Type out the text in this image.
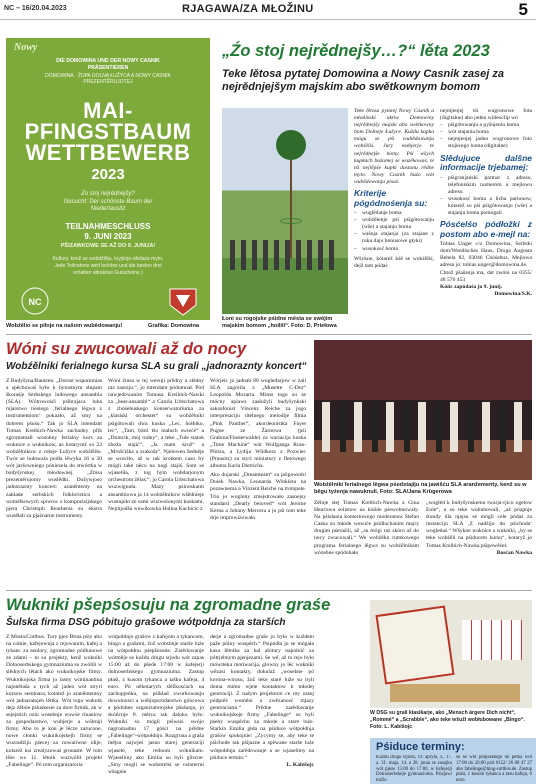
NC – 16/20.04.2023	RJAGAWA/ZA MŁOŽINU	5
Nowy
DIE DOMOWINA UND DER NOWY CASNIK PRÄSENTIEREN
DOMOWINA · ŽUPA DOLNA ŁUŽYCA A NOWY CASNIK PREZENTĚRUJOTEJ
MAI-
PFINGSTBAUM
WETTBEWERB
2023
Zo stoj nejrědnejšy?
Gesucht: Der schönste Baum der Niederlausitz
TEILNAHMESCHLUSS
9. JUNI 2023
PŠIZAWKOWE SE AŽ DO 9. JUNIJA!
Kultury, kenž se wobdźělju, kryjśnje nikdaże myto,
Jede Teilnahme wird belohnt und die besten drei
erhalten attraktive Gutscheine.)
NC
Wobźělio se pilnje na našom wubědowanju!	Grafika: Domowina
„Źo stoj nejrědnejšy…?“ lěta 2023
Teke lětosa pytatej Domowina a Nowy Casnik zasej za nejrědnjejšym majskim abo swětkownym bomom
Łoni su rogojske pśidne města se swójim majskim bomom „hoilili“. Foto: D. Priełowa
Teke lětosa pytatej Nowy Casnik a młodinski aktiw Domowiny nejrědnejšy majski abo swětkowny bom Dolneje Łužyce. Kuždu kupka mógu se pśi wubědowanju wobźěliś. Jury wubjerjo te nejrědnejše bomy. Pśi wšych kupkach buźomej se wuzěkowaś, te tśi nejlěpše kupki dostanu rědne myto. Nowy Casnik buźo wót wubědowanja pisaś.
Kriterije pógódnośenja su:
– wuglědanje boma
– wobźělenje pśi pśigótowanju (wše) a stajanju boma
– wašnja stajanja (za stajane z ruku daju bonusowe głyki)
– wusokosć boma
Wšykne, kótarež kśě se wobźěliś, dejž tam pódaś
nejmjenjej tśi wugronowe fota (digitalne) abo jaden wideoclip wó
– pśigótowanju a pyšnjeniu boma
– wót stajania boma
– nejmjenjej jadno wugronowe foto stojecego boma (digitalne)
Slědujuce dalšne informacije trjebamej:
– pśigranjański partnar z adresu, telefoniskim numerom a mejlowu adresu
– wusokosć boma a licba parionow, kótarež su pśi pśigótowanju (wše) a stajanju boma pomogali
Pósćelśo pódłožki z postom abo e-mejl na:
Tobias Unger c/o Domowina, Serbski dom/Wendisches Haus, Droga Augusta Bebela 82, 03046 Chóśebuz. Mejlowa adresa jo: tobias.unger@domowina.de.
Chtož pšašanja ma, dat zwóni na 0355/ 48 576 453
Kóńc zapódaśa jo 9. junij.
Domowina/S.K.
Wóni su zwucowali až do nocy
Wobźělniki ferialnego kursa SLA su grali „jadnoraznty koncert“
Z Budyšyna/Bautzen. „Dorost wspominias a spěchowaś było k bytostnym słupam škoraśje Serbskego ludowego ansambla (SLA). Wótrowośći pśibrajaca luba mjarstwo tiesiego ‚ferialnego lěgwa z instrumentiom‘ pokazło, až smy na dobrem pśuśu.“ Tak jo SLA intendant Tomas Kreibich-Nawka zachadny přik zgromatnall wosobny ferialny kurs za wuknice a wuknikow, as kotarymž so 22 wobźělnikow z celeje Łužyce wobźěliło. Twór se bułowala podla lěwyka 16 a 30 wót jazšowniego póniezela do stwórtka w budyšynskej młodownej. „Zmsa prezentěrujomy wuslědki. Dožywjoso jadnoraznty koncert: araněmenty na zakłade serbskich folkloristicn a wumělkowych spiwow z kompozisijskego pjera Christoph Reuthersa su ekstra wuzěłali za pjaźnarne instrumenty.
Wóni źinsa w tej wersiji prědny a slědny raz zazniju.“, jo intendant pódomnał. Pód nawjedowanim Tomasa Kreibich-Nawki za „beat-ansambl“ a Carola Urbschatowa z chóśebuskego konserwatoriuma za „klasiski orchester“ su wobźělniki pśigótowali dwa kuska „Lec, hołbiko, lec“, „Tam, bźeź tšo małuch swiećé“ a „Domcik, mój rodny“, a teke „Tule statok zboža stajić“, „Ja mam kruž“ a „Mrošćiška a szakoša“. Njelowen žedněje se wuwiło, až w tak krotkem casu by mógli take něco na nogi stajiś. Som se wjaseliła, z tog hym wobdarjonym orchestrom źělaś.“, jo Carola Urbschatowa wuzwignuła. Mazy pśinoskami ansamblowu ja 14 wobźělnikow wšědnieje wustupiło ze sami wuzwolonymi kuskami. Nejmjodša wuwikowka Halina Kachicic z
Wórjeic jo jadnab 80 wogledarjow w zali SLA zagórila z „Musette C-Dur“ Leopolda Mozarta. Mimo togo su se mócny aplaws zasłužyli budyšynkski saksofonist Vincenz Reiche za jogo interpretaciju titelnego melodije filma „Pink Panther“, akordeonistka Fayet Pugne ze Žarnowa (pśi Grabina/Finsterwalde) za wariaciju kuska „Time Machine“ wót Wolfganga Russ-Plötza, a Lydija Wildkera z Pozwiec (Prausitz) za styri miniatury z fletowego albuma Karla Dietricha.
Ako dujarski „Dreamteam“ su pśipowedri Duiek Nawka, Leonarda Winklera na pozawnema a Vinzent Reiche na trompete. Trio jo wogluny zmejstrowało zasnejsy standard „Dearly beloved“ wót Jerome Kerna a Johnny Mercera a jo pśi tom teke drje improwizowało.
Wobźělniki ferialnego lěgwa pśedstajiju na jawišću SLA aranžementy, kenž su w běgu tyźenja nawuknuli. Foto: SLA/Jana Krügerowa
Zělnje stej Tomas Kreibich-Nawka a Gina Henćowa solistow na kisšde pśewobnowały. Na pśisłania kontertowego moderatora Stefan Caskа su młode wuwiće pśidluchanim majry drugim pśeraźili, až „su mógi raz skóro až do nocy zwucowali.“ We wobźěku rumkowego programa ferialnego lěgwa su wobźělnikam wózebne spódobało
„wogléd k budyšynskemu twarja-rjicu ogelow Eule“, a su teke wobuhowali, „až pózpnje śtundy dla njejsu se mógli cele pódaś za instanciju SLA ,Z nadźiju do pśichoda‘ wogledaś.“ Wšykne wuknice a wukniki, „by se teke wobźěli na pśiducem kursu“, kotaryž jo Tomas Kreibich-Nawka pśipowěźeł.
Bosćan Nawka
Wukniki pšepśosuju na zgromadne graśe
Šulska firma DSG póbitujo grašowe wótpołdnja za starších
Z Mósta/Cottbus. Tury pjez Błota pśiy abo na cołnie, kafejownja z rejowanim, kafej a tykanc za seniory, zgromadne pódlunowe ze zdami – to su projekty, kenž wukniki Dolnoserbskego gymnaziuma su zwólili w slědnych lětach ako wuknikojske firmy. Wuknikojska firma jo lasny wiminantina najnnětaša z tych až jaden wót stryri kursow seminara, kotarež jo araněmentny wót jadnaratojeh lěttka. Wót togo wuknik dejz źělnie pśiuskesie za dore firmik, ak w sejejstich oziu wosebnje wuwśe rinaniow za gospodarstwo, wubjerje a wóbraji firmy. Abo to je kón je lěcze zarucone, nowe cłonki wuknikojskejh firmy se wuzradźiju pśecej za nowatiwne idije, kotarež ksi zrealyzowaś gronaste. W tom lěśe ws 11. lětnik wuzwólił projekt „Fabelinge“. Pó tom organizatoria
wótpołdnjo grašow z kafejom a tykancom, bingo a grašami, žož wobsbnje starše luźe na wótpołdnu pśepšosone. Zarědowanje wótmějo se kuždu drugu srjodu wót zapas 15:00 až do pšede 17:00 w kafejerji dolnoserbskego gymnaziuma. Zastup płaśi, z kusom tykanca a tašku kafeja, 4 euro. Pó někotarych slěžkosćach na zachopjeńku, na pśikład zwurkowanju dowolnosci a wóbjopsrodarstwo góncowa a pódobne organizatorojske pšašanja, jo skóńcnje 8. měrca tak daloko było: Wukniki su mógli pśiwsiś swójo nagromadnu 17 góści na prědne „Fabelinge“-wótpołdnjo. Rozgrona a graša mějsu najwjeś jasno starej generaciji wjaselé, teke rednom wóknikam. Wjaselimy ako Emilia su byli gliscne: „Smy mogli se wobstrelsi se ceintermi wšagnie
derje a zgromadne graše jo było w kuždem paže pólny wuspěch.“ Psipódła jo se mógała kasa lětnika za bal abitury napołnić za pótrjebnym pjenjezami. Se wě, až to rejo było mówiteka motiwacija, glowny jo lěc wukniki wězasi kontakty, dokulaž „wosebne pó korona-wirusu, žož teke staré luže su byli doma mimo wjele kontaktow k młodej generaciji. Z našym projektom ce my zasej pódprěś wumění a zwězanosć mjazy generaciami.“ Prědne zarědowanje wuknikojskeje firmy „Fabelinge“ su byli pśeby wuspěchu za młode a stare luźe. Starkin Emilia głda na pśiduce wótpołdnja grašow spokojnie: „Zycymy se, aby teke te pśichode tak pśijazne a spěwane starše luźe wótpołdnja zarědowanje a se wjaselimy na pśiduce termin.“
L. Kabišojc
W DSG su grali klasikarje, ako „Mensch ärgere Dich nicht“, „Rommé“ a „Scrabble“, ako teke wšuži wobłubowane „Bingo“. Foto: L. Kabišojc
Pśiduce terminy:
Kuždu drugu srjodu, 19. apryla, 3., 17. a. 31. maja, 14. a 28. junia se zasajku wót pjeze 15:00 do 17:00, w kafejerji Dolnoserbskeje gymnaziuma. Pśizjawi móžo
śo se wót pónjeźelego do pětka wót 17:00 do 20:00 pód 0152/ 26 08 47 27 abo fabelinge@mng-cottbus.de. Zastup płaśi, z kusom tykanca a tasu kafeja, 6 euro.
